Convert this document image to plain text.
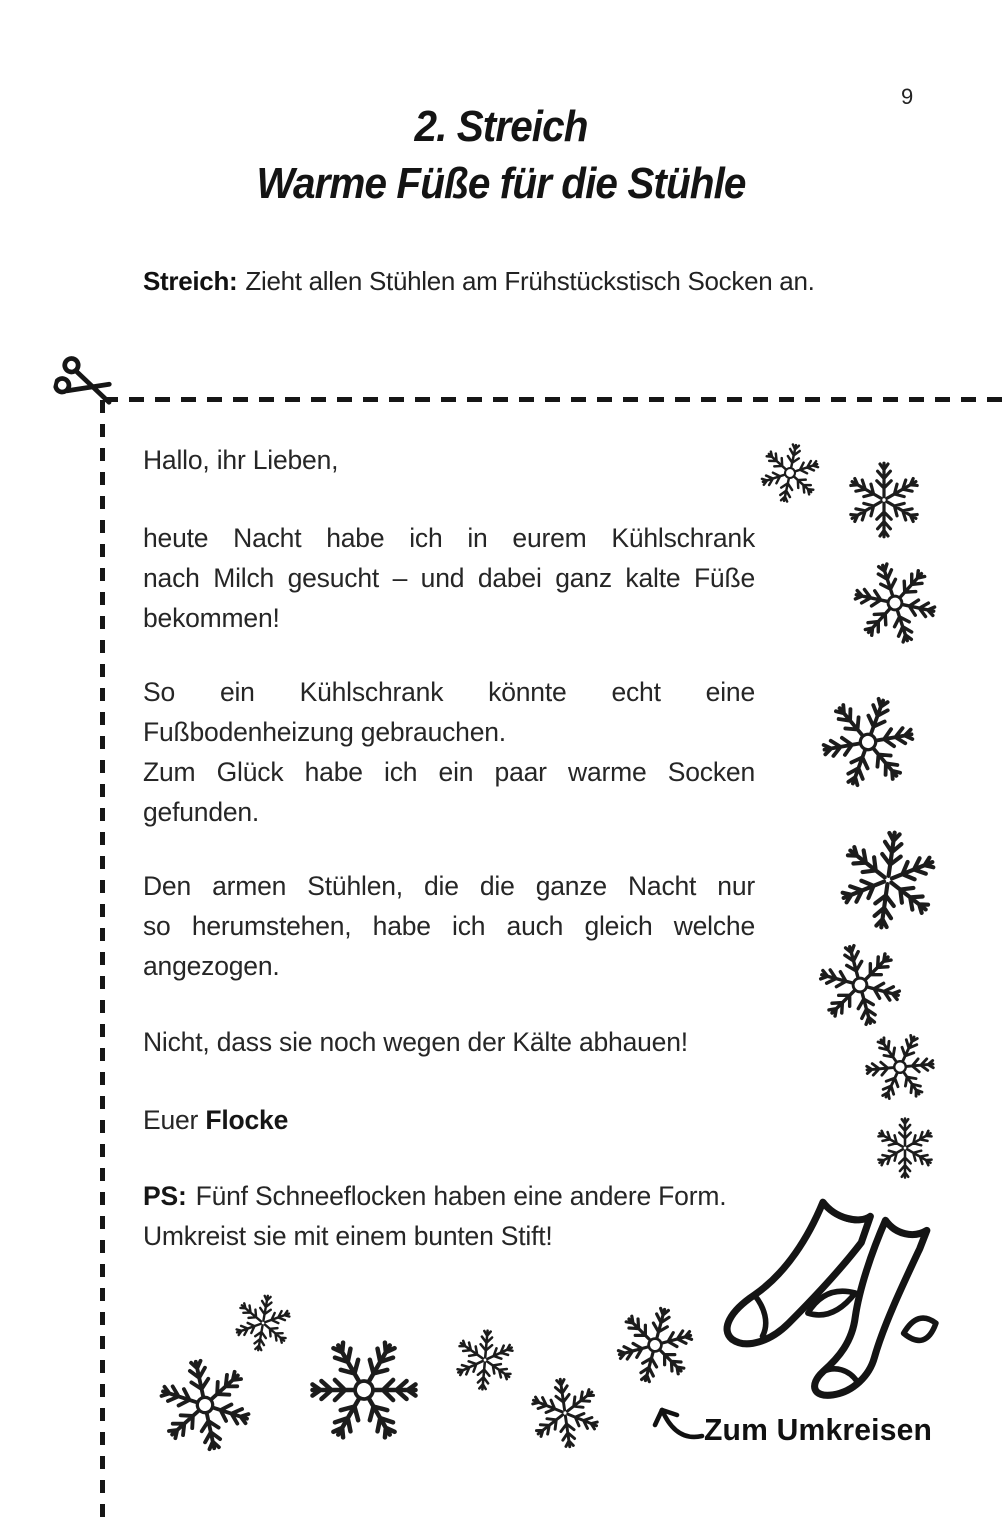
9
2. Streich
Warme Füße für die Stühle
Streich: Zieht allen Stühlen am Frühstückstisch Socken an.
Hallo, ihr Lieben,
heute Nacht habe ich in eurem Kühlschrank
nach Milch gesucht – und dabei ganz kalte Füße
bekommen!
So ein Kühlschrank könnte echt eine
Fußbodenheizung gebrauchen.
Zum Glück habe ich ein paar warme Socken
gefunden.
Den armen Stühlen, die die ganze Nacht nur
so herumstehen, habe ich auch gleich welche
angezogen.
Nicht, dass sie noch wegen der Kälte abhauen!
Euer Flocke
PS: Fünf Schneeflocken haben eine andere Form.
Umkreist sie mit einem bunten Stift!
Zum Umkreisen
